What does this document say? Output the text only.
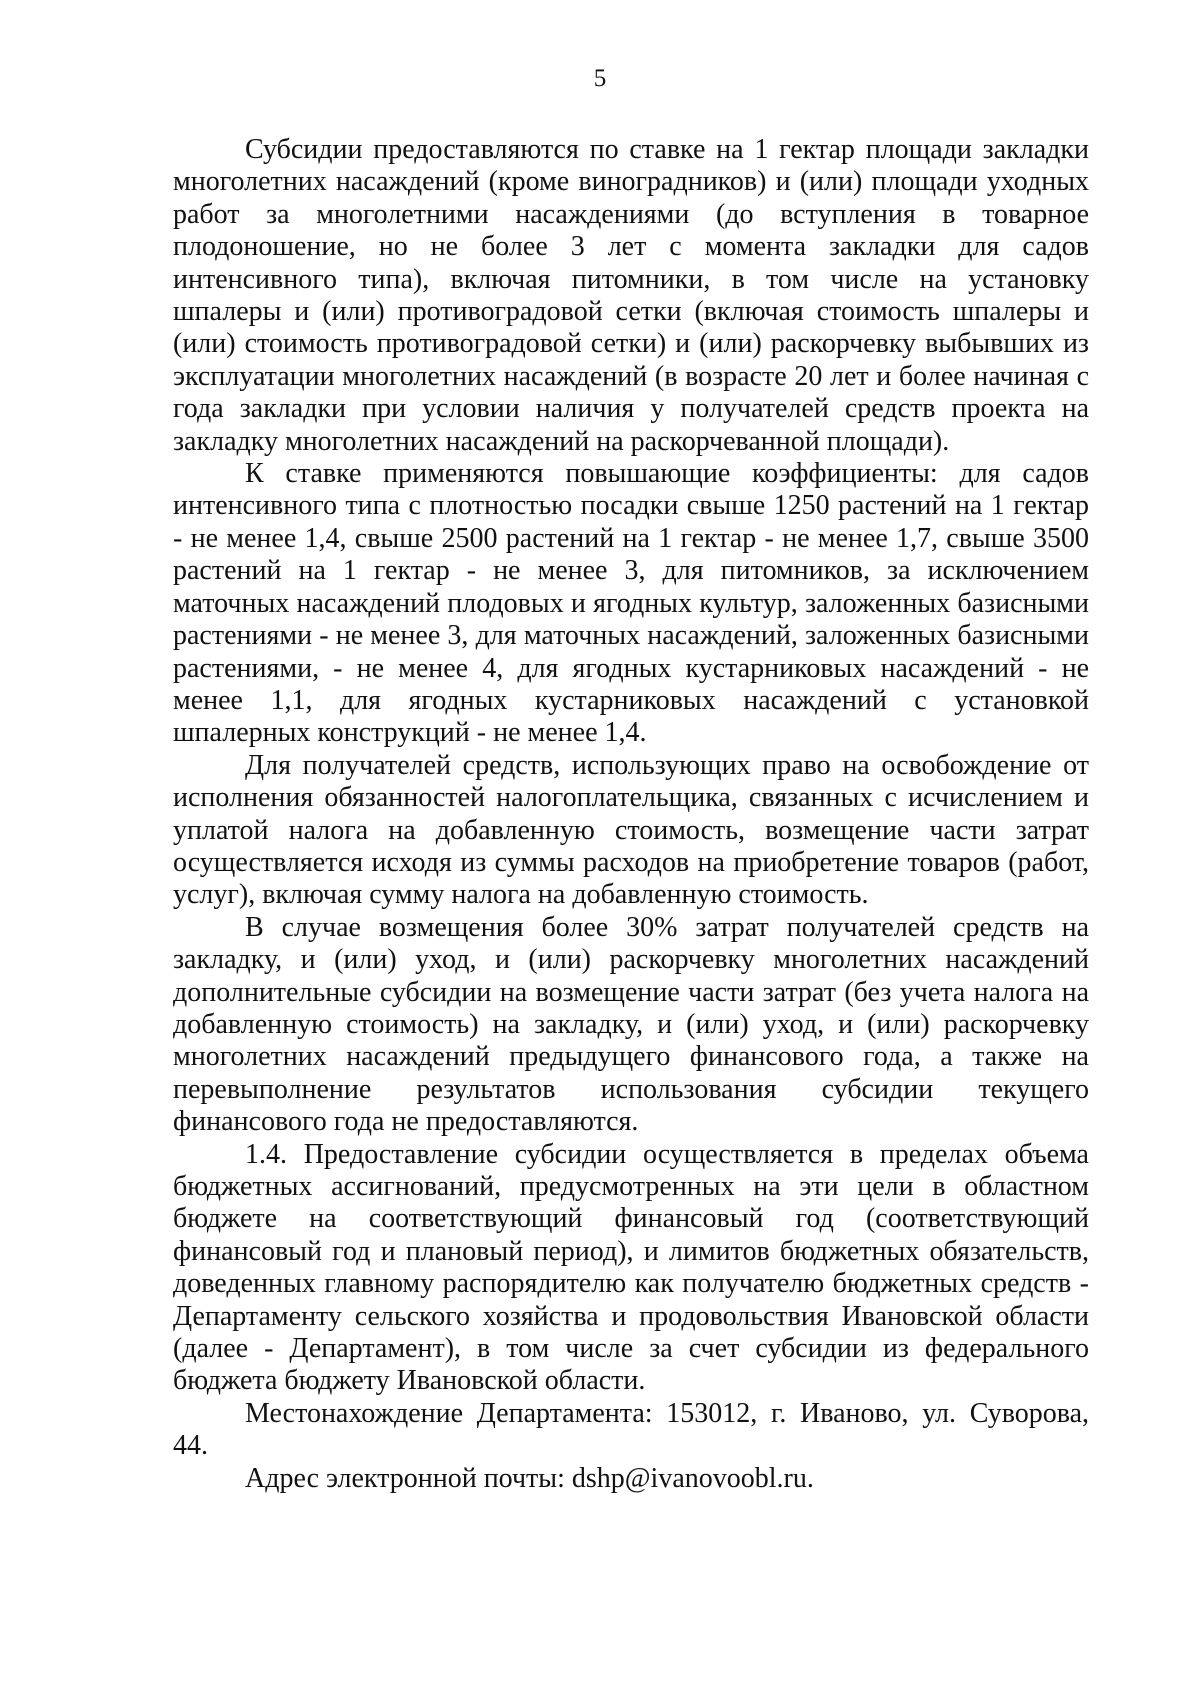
5

Субсидии предоставляются по ставке на 1 гектар площади закладки многолетних насаждений (кроме виноградников) и (или) площади уходных работ за многолетними насаждениями (до вступления в товарное плодоношение, но не более 3 лет с момента закладки для садов интенсивного типа), включая питомники, в том числе на установку шпалеры и (или) противоградовой сетки (включая стоимость шпалеры и (или) стоимость противоградовой сетки) и (или) раскорчевку выбывших из эксплуатации многолетних насаждений (в возрасте 20 лет и более начиная с года закладки при условии наличия у получателей средств проекта на закладку многолетних насаждений на раскорчеванной площади).

К ставке применяются повышающие коэффициенты: для садов интенсивного типа с плотностью посадки свыше 1250 растений на 1 гектар - не менее 1,4, свыше 2500 растений на 1 гектар - не менее 1,7, свыше 3500 растений на 1 гектар - не менее 3, для питомников, за исключением маточных насаждений плодовых и ягодных культур, заложенных базисными растениями - не менее 3, для маточных насаждений, заложенных базисными растениями, - не менее 4, для ягодных кустарниковых насаждений - не менее 1,1, для ягодных кустарниковых насаждений с установкой шпалерных конструкций - не менее 1,4.

Для получателей средств, использующих право на освобождение от исполнения обязанностей налогоплательщика, связанных с исчислением и уплатой налога на добавленную стоимость, возмещение части затрат осуществляется исходя из суммы расходов на приобретение товаров (работ, услуг), включая сумму налога на добавленную стоимость.

В случае возмещения более 30% затрат получателей средств на закладку, и (или) уход, и (или) раскорчевку многолетних насаждений дополнительные субсидии на возмещение части затрат (без учета налога на добавленную стоимость) на закладку, и (или) уход, и (или) раскорчевку многолетних насаждений предыдущего финансового года, а также на перевыполнение результатов использования субсидии текущего финансового года не предоставляются.

1.4. Предоставление субсидии осуществляется в пределах объема бюджетных ассигнований, предусмотренных на эти цели в областном бюджете на соответствующий финансовый год (соответствующий финансовый год и плановый период), и лимитов бюджетных обязательств, доведенных главному распорядителю как получателю бюджетных средств - Департаменту сельского хозяйства и продовольствия Ивановской области (далее - Департамент), в том числе за счет субсидии из федерального бюджета бюджету Ивановской области.

Местонахождение Департамента: 153012, г. Иваново, ул. Суворова, 44.

Адрес электронной почты: dshp@ivanovoobl.ru.
